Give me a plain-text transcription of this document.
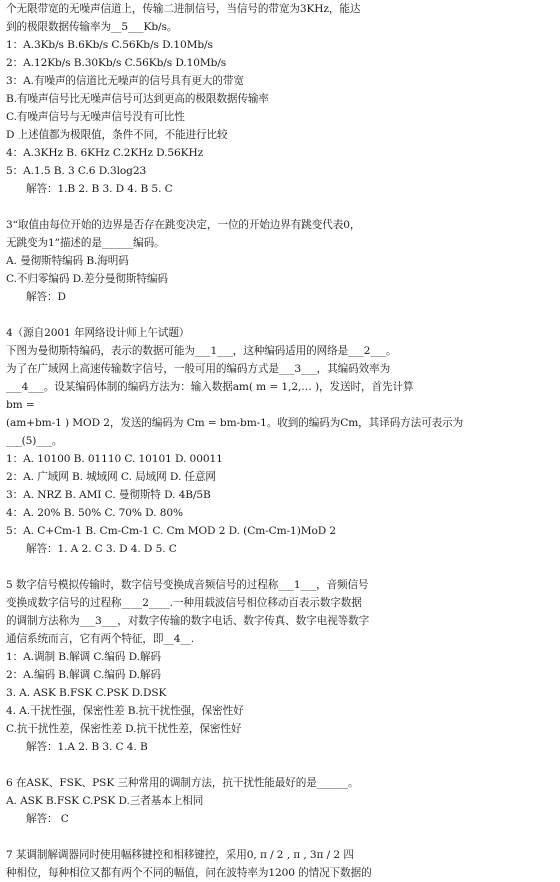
个无限带宽的无噪声信道上，传输二进制信号，当信号的带宽为3KHz，能达
到的极限数据传输率为__5___Kb/s。
1：A.3Kb/s B.6Kb/s C.56Kb/s D.10Mb/s
2：A.12Kb/s B.30Kb/s C.56Kb/s D.10Mb/s
3：A.有噪声的信道比无噪声的信号具有更大的带宽
B.有噪声信号比无噪声信号可达到更高的极限数据传输率
C.有噪声信号与无噪声信号没有可比性
D 上述值都为极限值，条件不同，不能进行比较
4：A.3KHz B. 6KHz C.2KHz D.56KHz
5：A.1.5 B. 3 C.6 D.3log23
解答：1.B 2. B 3. D 4. B 5. C
3“取值由每位开始的边界是否存在跳变决定，一位的开始边界有跳变代表0，
无跳变为1”描述的是______编码。
A. 曼彻斯特编码 B.海明码
C.不归零编码 D.差分曼彻斯特编码
解答：D
4（源自2001 年网络设计师上午试题）
下图为曼彻斯特编码，表示的数据可能为___1___，这种编码适用的网络是___2___。
为了在广域网上高速传输数字信号，一般可用的编码方式是___3___，其编码效率为
___4___。设某编码体制的编码方法为：输入数据am( m = 1,2,… )，发送时，首先计算
bm =
(am+bm-1 ) MOD 2，发送的编码为 Cm = bm-bm-1。收到的编码为Cm，其译码方法可表示为
___(5)___。
1：A. 10100 B. 01110 C. 10101 D. 00011
2：A. 广域网 B. 城域网 C. 局域网 D. 任意网
3：A. NRZ B. AMI C. 曼彻斯特 D. 4B/5B
4：A. 20% B. 50% C. 70% D. 80%
5：A. C+Cm-1 B. Cm-Cm-1 C. Cm MOD 2 D. (Cm-Cm-1)MoD 2
解答：1. A 2. C 3. D 4. D 5. C
5 数字信号模拟传输时，数字信号变换成音频信号的过程称___1___，音频信号
变换成数字信号的过程称____2____.一种用载波信号相位移动百表示数字数据
的调制方法称为___3___，对数字传输的数字电话、数字传真、数字电视等数字
通信系统而言，它有两个特征，即__4__.
1：A.调制 B.解调 C.编码 D.解码
2：A.编码 B.解调 C.编码 D.解码
3. A. ASK B.FSK C.PSK D.DSK
4. A.干扰性强，保密性差 B.抗干扰性强，保密性好
C.抗干扰性差，保密性差 D.抗干扰性差，保密性好
解答：1.A 2. B 3. C 4. B
6 在ASK、FSK、PSK 三种常用的调制方法，抗干扰性能最好的是______。
A. ASK B.FSK C.PSK D.三者基本上相同
解答： C
7 某调制解调器同时使用幅移键控和相移键控，采用0, π / 2 , π , 3π / 2 四
种相位，每种相位又都有两个不同的幅值，问在波特率为1200 的情况下数据的
